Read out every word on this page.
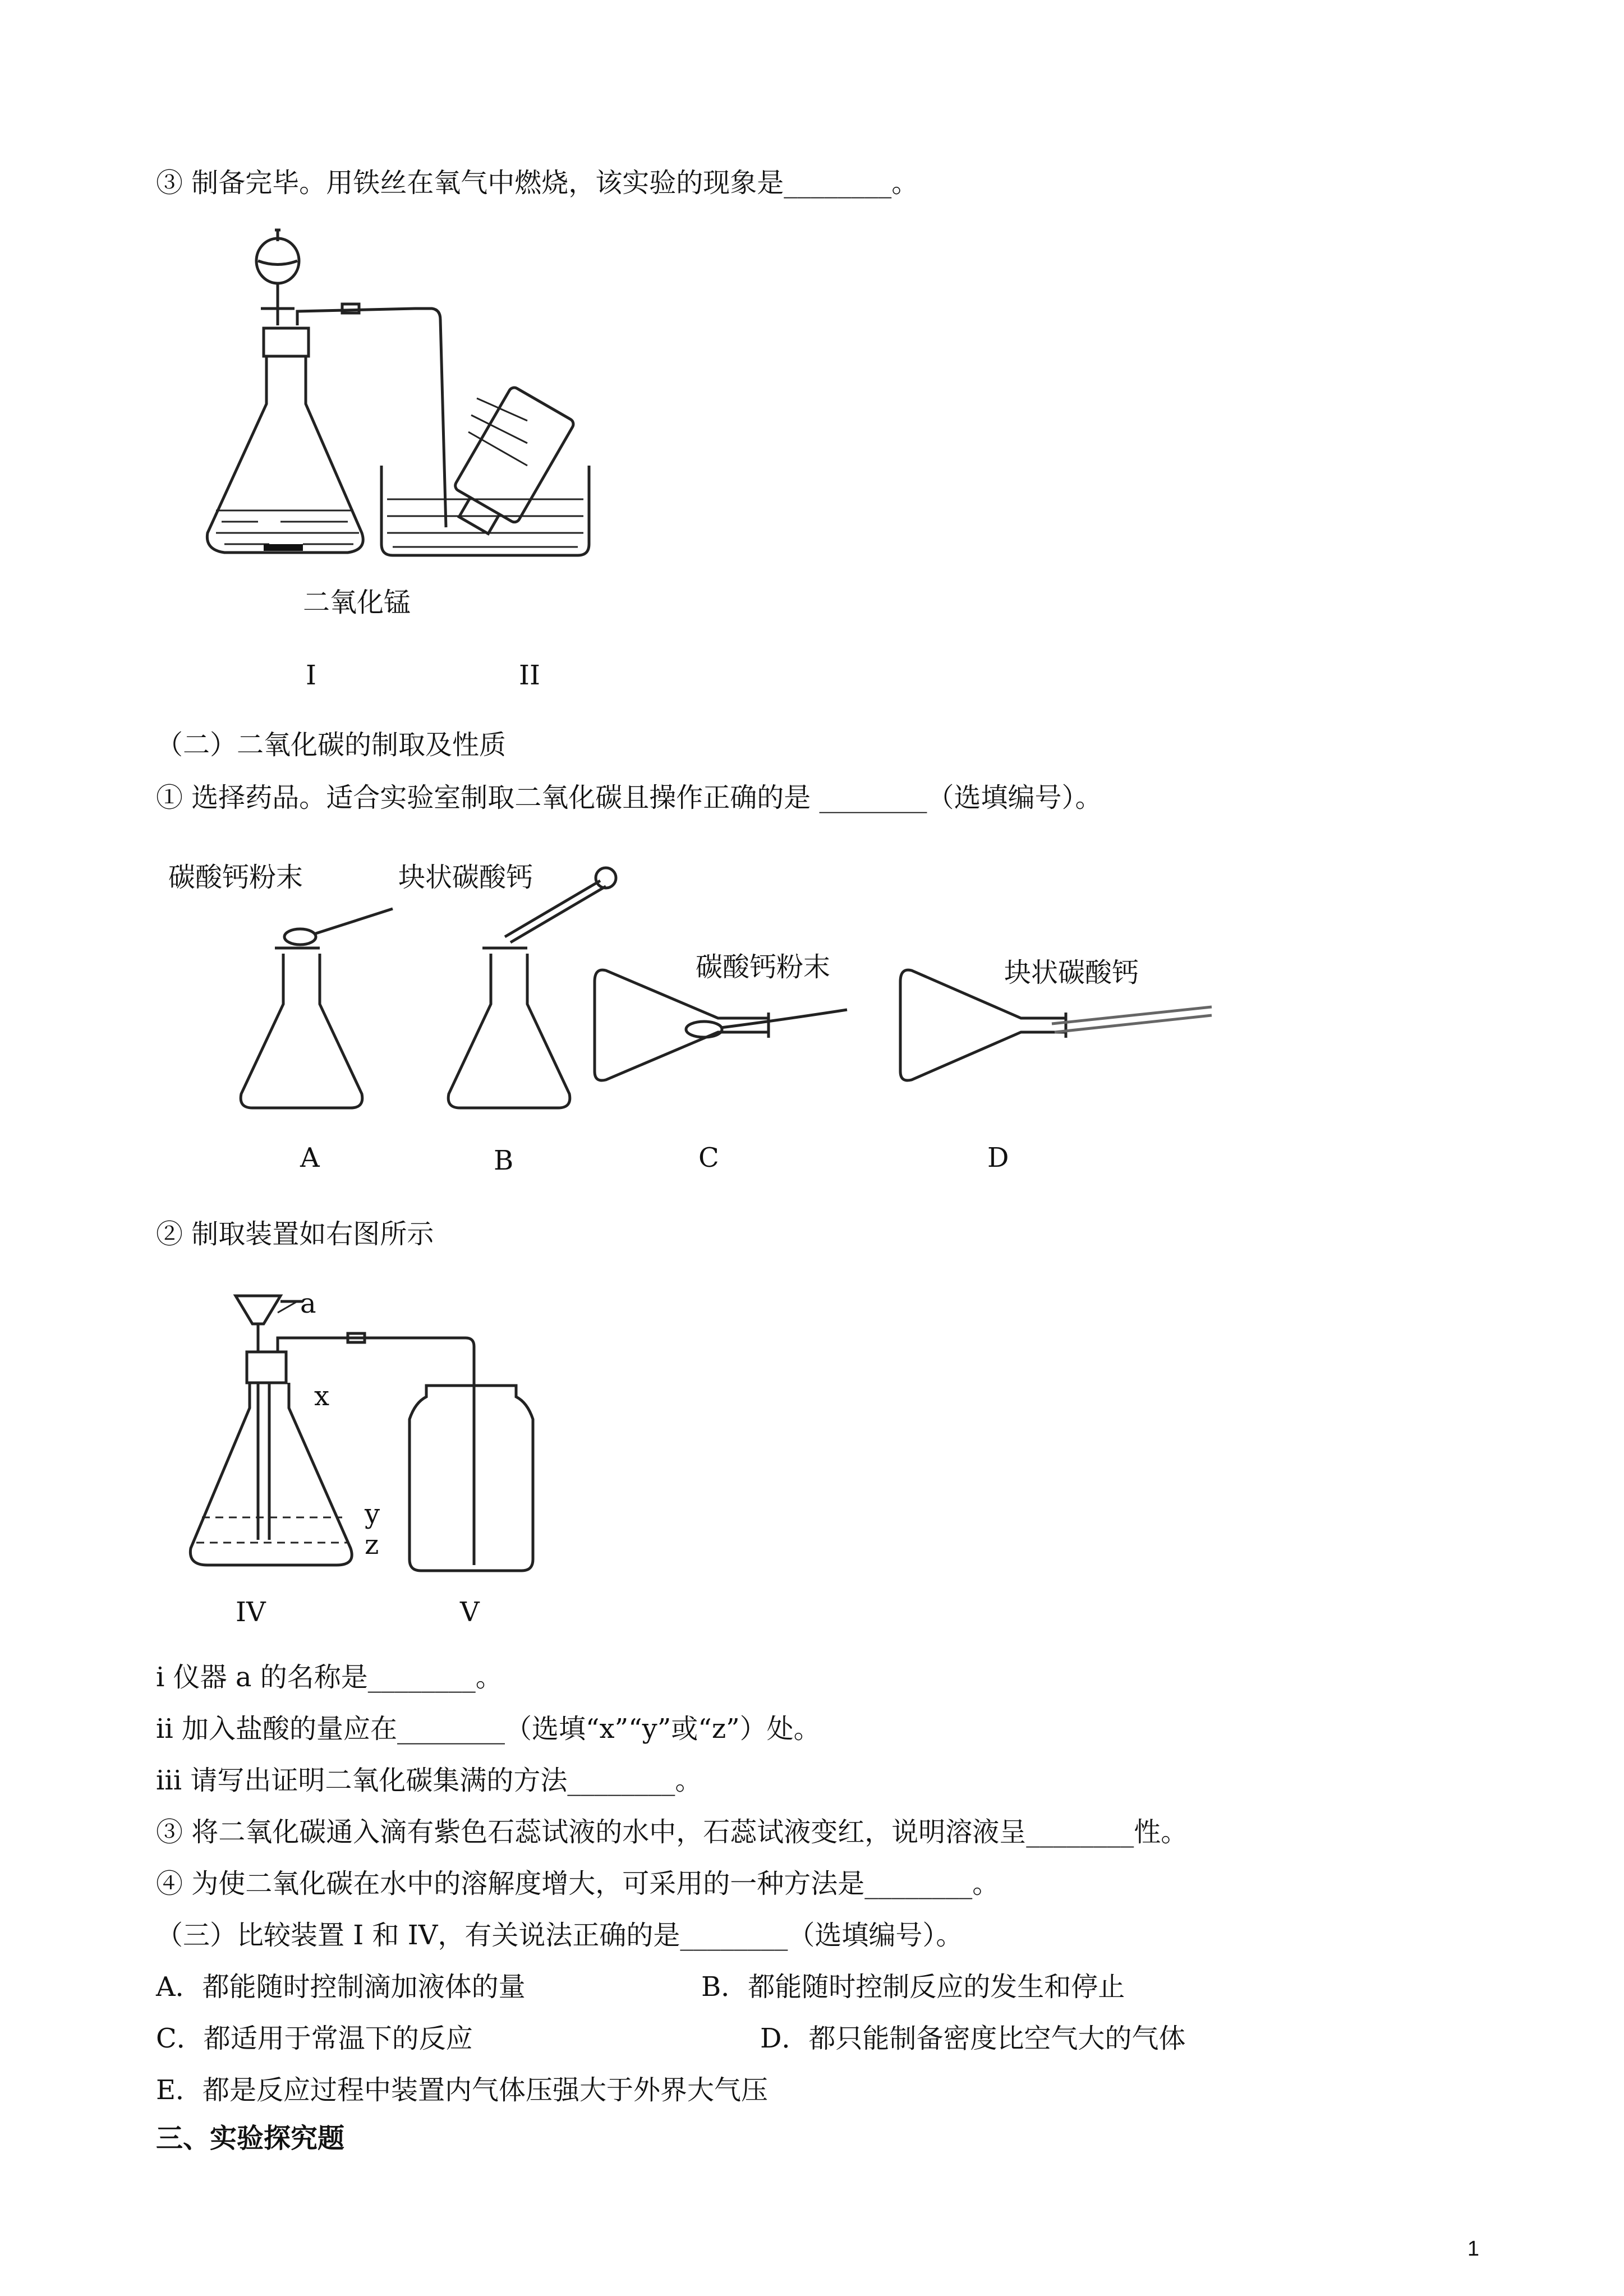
③ 制备完毕。用铁丝在氧气中燃烧，该实验的现象是________。
二氧化锰
I	II
（二）二氧化碳的制取及性质
① 选择药品。适合实验室制取二氧化碳且操作正确的是 ________（选填编号）。
碳酸钙粉末	块状碳酸钙
碳酸钙粉末	块状碳酸钙
A	B	C	D
② 制取装置如右图所示
a
x
y
z
IV	V
i 仪器 a 的名称是________。
ii 加入盐酸的量应在________（选填“x”“y”或“z”）处。
iii 请写出证明二氧化碳集满的方法________。
③ 将二氧化碳通入滴有紫色石蕊试液的水中，石蕊试液变红，说明溶液呈________性。
④ 为使二氧化碳在水中的溶解度增大，可采用的一种方法是________。
（三）比较装置 I 和 IV，有关说法正确的是________（选填编号）。
A．都能随时控制滴加液体的量	B．都能随时控制反应的发生和停止
C．都适用于常温下的反应	D．都只能制备密度比空气大的气体
E．都是反应过程中装置内气体压强大于外界大气压
三、实验探究题
1
